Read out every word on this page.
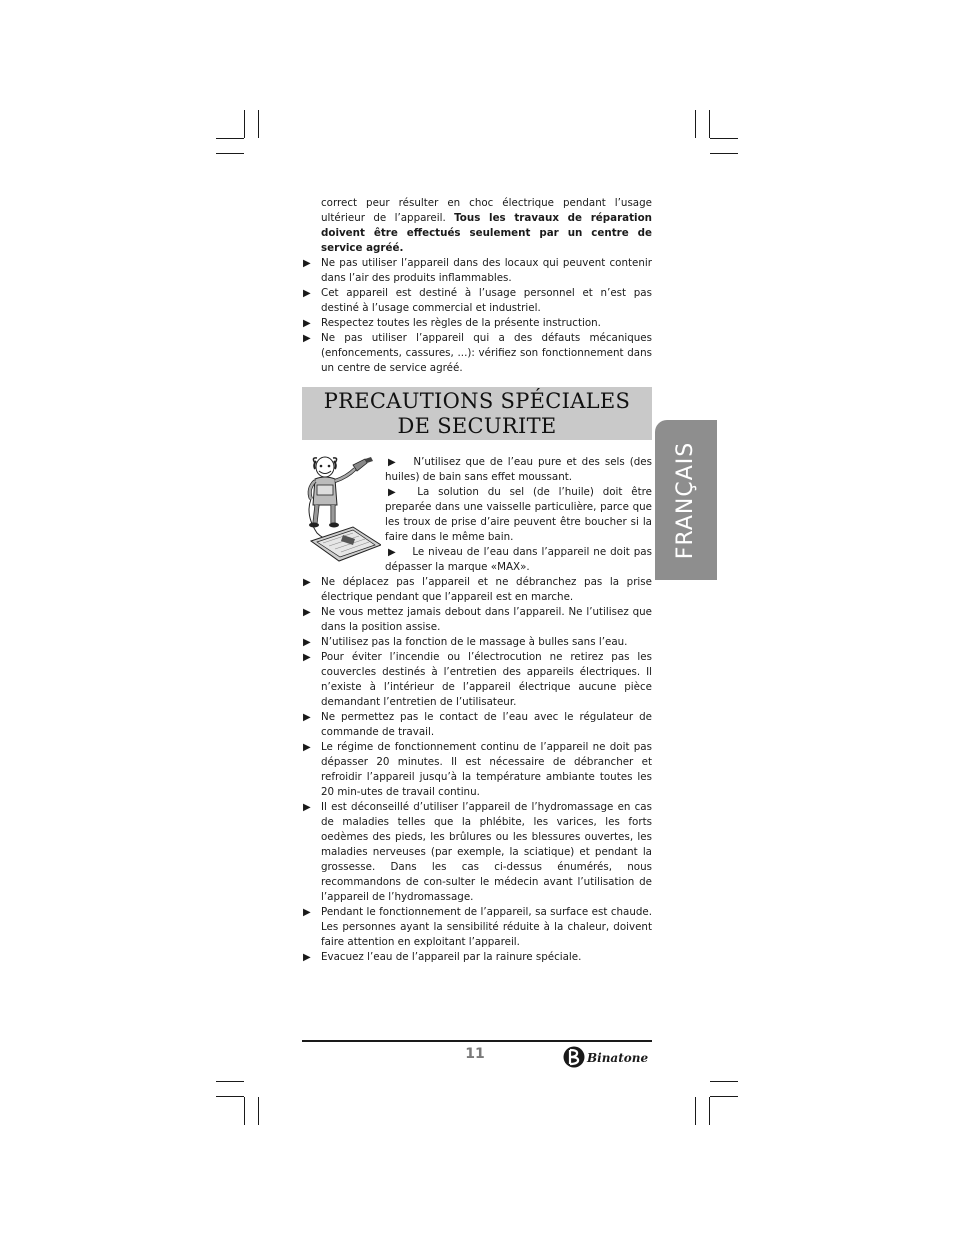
correct peur résulter en choc électrique pendant l’usage ultérieur de l’appareil. Tous les travaux de réparation doivent être effectués seulement par un centre de service agréé.

▶ Ne pas utiliser l’appareil dans des locaux qui peuvent contenir dans l’air des produits inflammables.

▶ Cet appareil est destiné à l’usage personnel et n’est pas destiné à l’usage commercial et industriel.

▶ Respectez toutes les règles de la présente instruction.

▶ Ne pas utiliser l’appareil qui a des défauts mécaniques (enfoncements, cassures, ...): vérifiez son fonctionnement dans un centre de service agréé.

PRECAUTIONS SPÉCIALES
DE SECURITE
FRANÇAIS

▶ N’utilisez que de l’eau pure et des sels (des huiles) de bain sans effet moussant.

▶ La solution du sel (de l’huile) doit être preparée dans une vaisselle particulière, parce que les troux de prise d’aire peuvent être boucher si la faire dans le même bain.

▶ Le niveau de l’eau dans l’appareil ne doit pas dépasser la marque «MAX».

▶ Ne déplacez pas l’appareil et ne débranchez pas la prise électrique pendant que l’appareil est en marche.

▶ Ne vous mettez jamais debout dans l’appareil. Ne l’utilisez que dans la position assise.

▶ N’utilisez pas la fonction de le massage à bulles sans l’eau.

▶ Pour éviter l’incendie ou l’électrocution ne retirez pas les couvercles destinés à l’entretien des appareils électriques. Il n’existe à l’intérieur de l’appareil électrique aucune pièce demandant l’entretien de l’utilisateur.

▶ Ne permettez pas le contact de l’eau avec le régulateur de commande de travail.

▶ Le régime de fonctionnement continu de l’appareil ne doit pas dépasser 20 minutes. Il est nécessaire de débrancher et refroidir l’appareil jusqu’à la température ambiante toutes les 20 min-utes de travail continu.

▶ Il est déconseillé d’utiliser l’appareil de l’hydromassage en cas de maladies telles que la phlébite, les varices, les forts oedèmes des pieds, les brûlures ou les blessures ouvertes, les maladies nerveuses (par exemple, la sciatique) et pendant la grossesse. Dans les cas ci-dessus énumérés, nous recommandons de con-sulter le médecin avant l’utilisation de l’appareil de l’hydromassage.

▶ Pendant le fonctionnement de l’appareil, sa surface est chaude. Les personnes ayant la sensibilité réduite à la chaleur, doivent faire attention en exploitant l’appareil.

▶ Evacuez l’eau de l’appareil par la rainure spéciale.

11	Binatone
